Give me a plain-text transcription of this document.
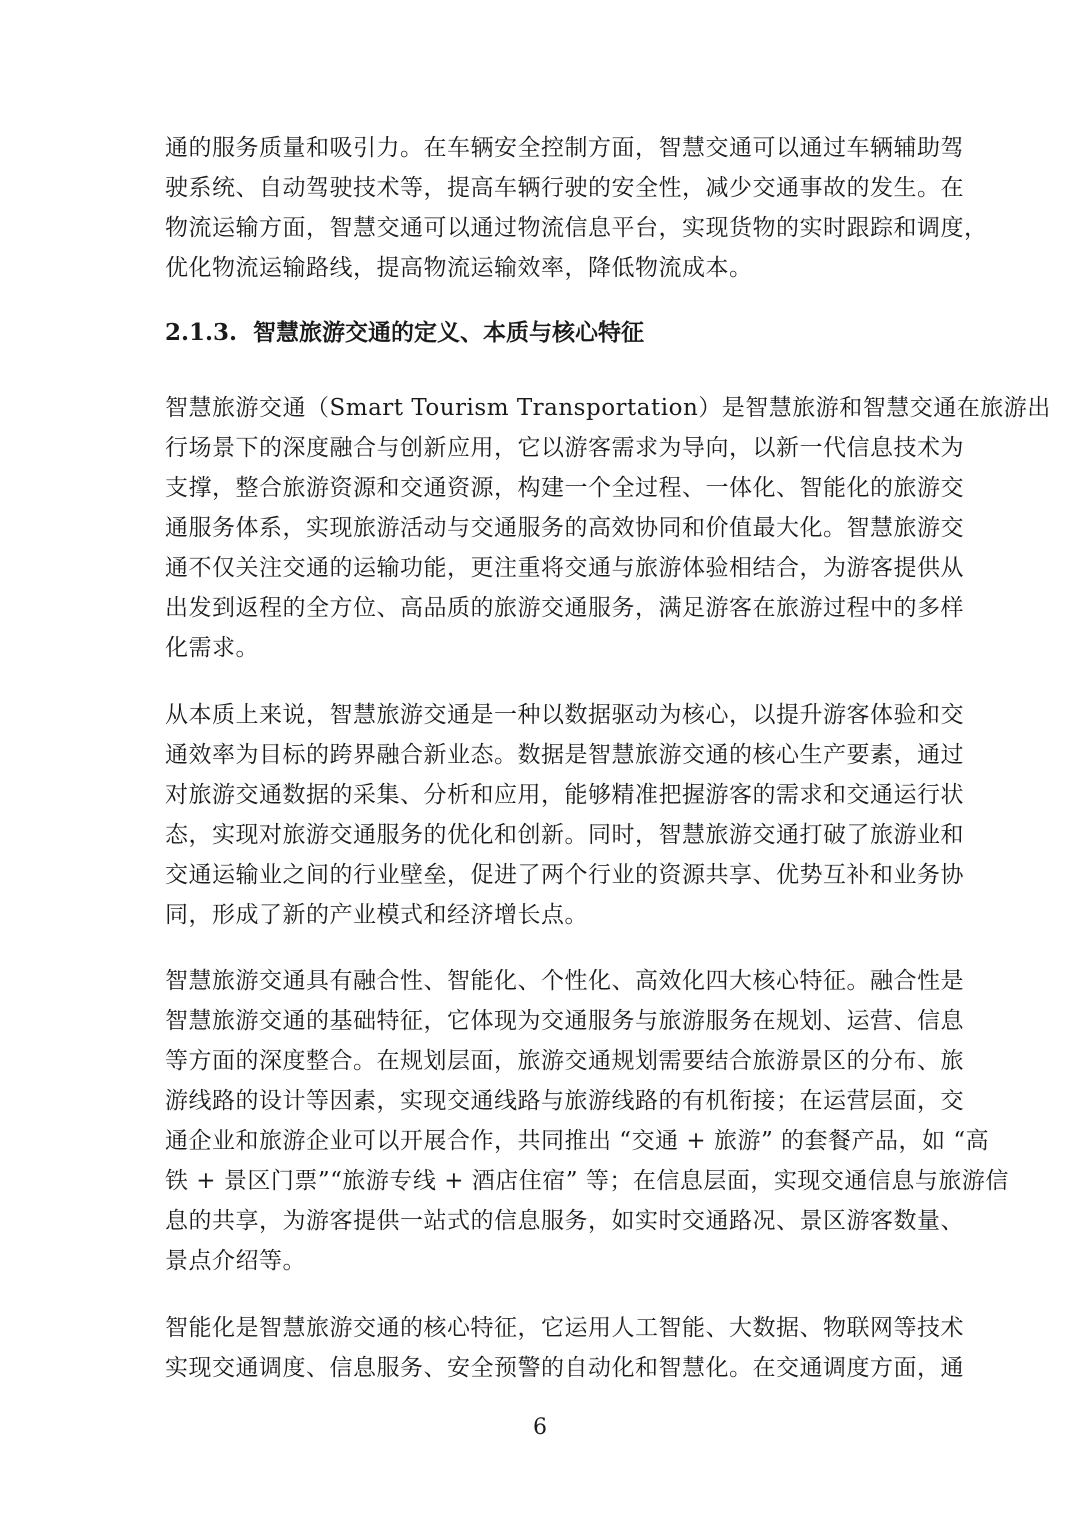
通的服务质量和吸引力。在车辆安全控制方面，智慧交通可以通过车辆辅助驾

驶系统、自动驾驶技术等，提高车辆行驶的安全性，减少交通事故的发生。在

物流运输方面，智慧交通可以通过物流信息平台，实现货物的实时跟踪和调度，

优化物流运输路线，提高物流运输效率，降低物流成本。

2.1.3. 智慧旅游交通的定义、本质与核心特征

智慧旅游交通（Smart Tourism Transportation）是智慧旅游和智慧交通在旅游出

行场景下的深度融合与创新应用，它以游客需求为导向，以新一代信息技术为

支撑，整合旅游资源和交通资源，构建一个全过程、一体化、智能化的旅游交

通服务体系，实现旅游活动与交通服务的高效协同和价值最大化。智慧旅游交

通不仅关注交通的运输功能，更注重将交通与旅游体验相结合，为游客提供从

出发到返程的全方位、高品质的旅游交通服务，满足游客在旅游过程中的多样

化需求。

从本质上来说，智慧旅游交通是一种以数据驱动为核心，以提升游客体验和交

通效率为目标的跨界融合新业态。数据是智慧旅游交通的核心生产要素，通过

对旅游交通数据的采集、分析和应用，能够精准把握游客的需求和交通运行状

态，实现对旅游交通服务的优化和创新。同时，智慧旅游交通打破了旅游业和

交通运输业之间的行业壁垒，促进了两个行业的资源共享、优势互补和业务协

同，形成了新的产业模式和经济增长点。

智慧旅游交通具有融合性、智能化、个性化、高效化四大核心特征。融合性是

智慧旅游交通的基础特征，它体现为交通服务与旅游服务在规划、运营、信息

等方面的深度整合。在规划层面，旅游交通规划需要结合旅游景区的分布、旅

游线路的设计等因素，实现交通线路与旅游线路的有机衔接；在运营层面，交

通企业和旅游企业可以开展合作，共同推出 “交通 + 旅游” 的套餐产品，如 “高

铁 + 景区门票”“旅游专线 + 酒店住宿” 等；在信息层面，实现交通信息与旅游信

息的共享，为游客提供一站式的信息服务，如实时交通路况、景区游客数量、

景点介绍等。

智能化是智慧旅游交通的核心特征，它运用人工智能、大数据、物联网等技术

实现交通调度、信息服务、安全预警的自动化和智慧化。在交通调度方面，通

6
